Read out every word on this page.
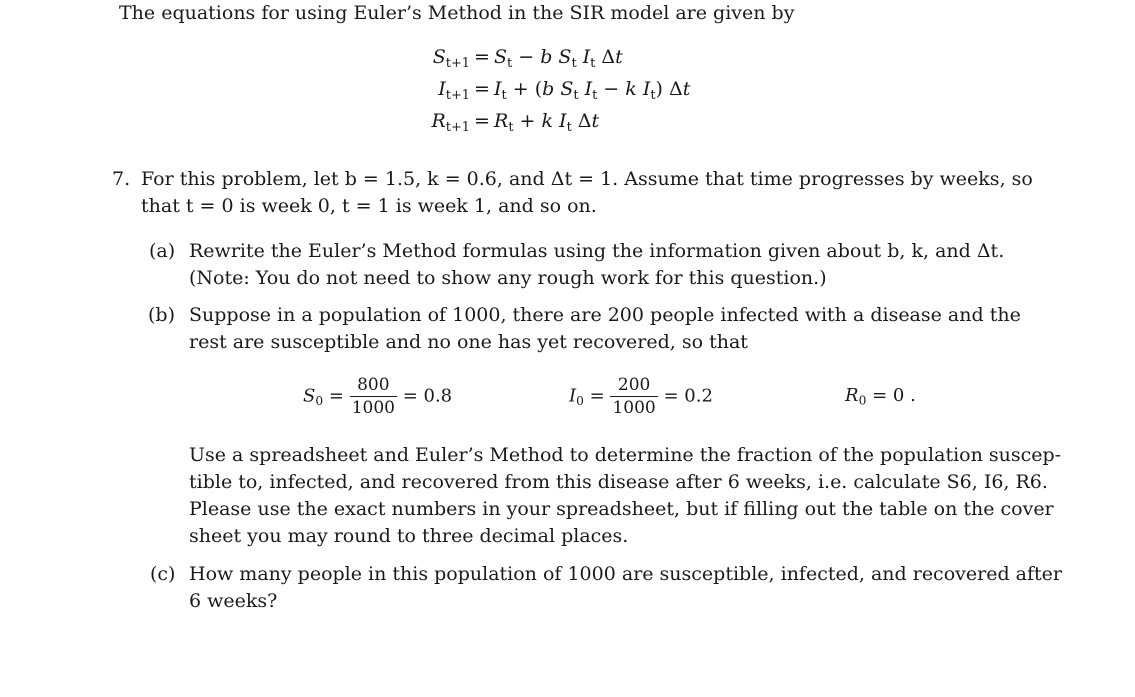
The equations for using Euler’s Method in the SIR model are given by
$S_{t+1} = S_t - b$ $S_t$ $I_t$ Δt
$I_{t+1} = I_t + (b$ $S_t$ $I_t - k$ $I_t$) Δt
$R_{t+1} = R_t + k$ $I_t$ Δt
7. For this problem, let b = 1.5, k = 0.6, and Δt = 1. Assume that time progresses by weeks, so
that t = 0 is week 0, t = 1 is week 1, and so on.
(a) Rewrite the Euler’s Method formulas using the information given about b, k, and Δt.
(Note: You do not need to show any rough work for this question.)
(b) Suppose in a population of 1000, there are 200 people infected with a disease and the
rest are susceptible and no one has yet recovered, so that
$S_0 = \frac{800}{1000} = 0.8$	$I_0 = \frac{200}{1000} = 0.2$	$R_0 = 0$ .
Use a spreadsheet and Euler’s Method to determine the fraction of the population suscep-
tible to, infected, and recovered from this disease after 6 weeks, i.e. calculate S6, I6, R6.
Please use the exact numbers in your spreadsheet, but if filling out the table on the cover
sheet you may round to three decimal places.
(c) How many people in this population of 1000 are susceptible, infected, and recovered after
6 weeks?
